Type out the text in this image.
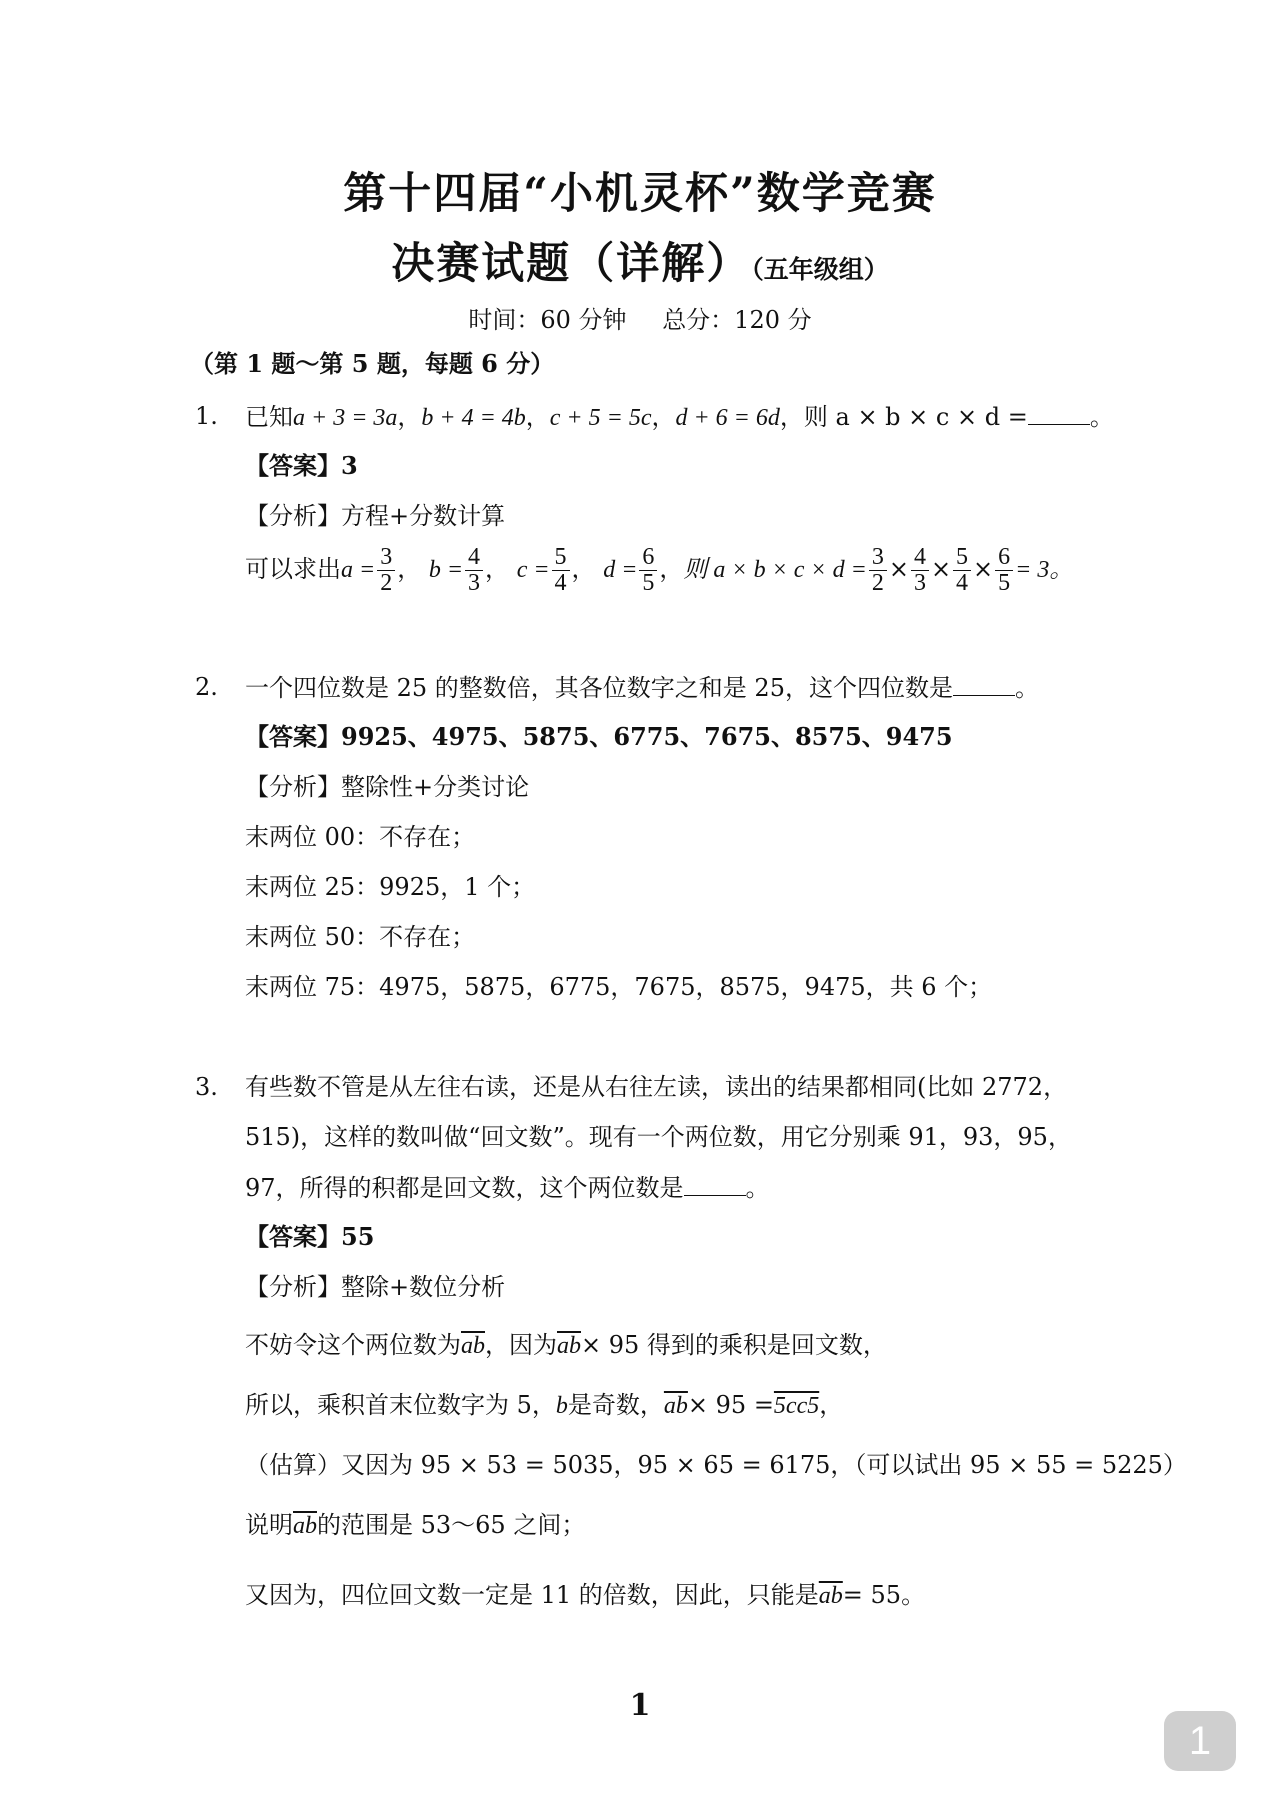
第十四届“小机灵杯”数学竞赛
决赛试题（详解）（五年级组）
时间：60 分钟 总分：120 分
（第 1 题～第 5 题，每题 6 分）
1. 已知a + 3 = 3a，b + 4 = 4b，c + 5 = 5c，d + 6 = 6d，则 a × b × c × d =	。
【答案】3
【分析】方程+分数计算
可以求出$a = \frac{3}{2}$ ， $b = \frac{4}{3}$ ， $c = \frac{5}{4}$ ， $d = \frac{6}{5}$ ，则 $a \times b \times c \times d = \frac{3}{2} \times \frac{4}{3} \times \frac{5}{4} \times \frac{6}{5} = 3$。
2. 一个四位数是 25 的整数倍，其各位数字之和是 25，这个四位数是	。
【答案】9925、4975、5875、6775、7675、8575、9475
【分析】整除性+分类讨论
末两位 00：不存在；
末两位 25：9925，1 个；
末两位 50：不存在；
末两位 75：4975，5875，6775，7675，8575，9475，共 6 个；
3. 有些数不管是从左往右读，还是从右往左读，读出的结果都相同(比如 2772，
515)，这样的数叫做“回文数”。现有一个两位数，用它分别乘 91，93，95，
97，所得的积都是回文数，这个两位数是	。
【答案】55
【分析】整除+数位分析
不妨令这个两位数为$\overline{ab}$，因为$\overline{ab}\times 95$ 得到的乘积是回文数，
所以，乘积首末位数字为 5，b是奇数，$\overline{ab}\times 95 =5cc5$，
（估算）又因为 95 × 53 = 5035，95 × 65 = 6175，（可以试出 95 × 55 = 5225）
说明$\overline{ab}$的范围是 53～65 之间；
又因为，四位回文数一定是 11 的倍数，因此，只能是$\overline{ab}= 55$。
1
1
